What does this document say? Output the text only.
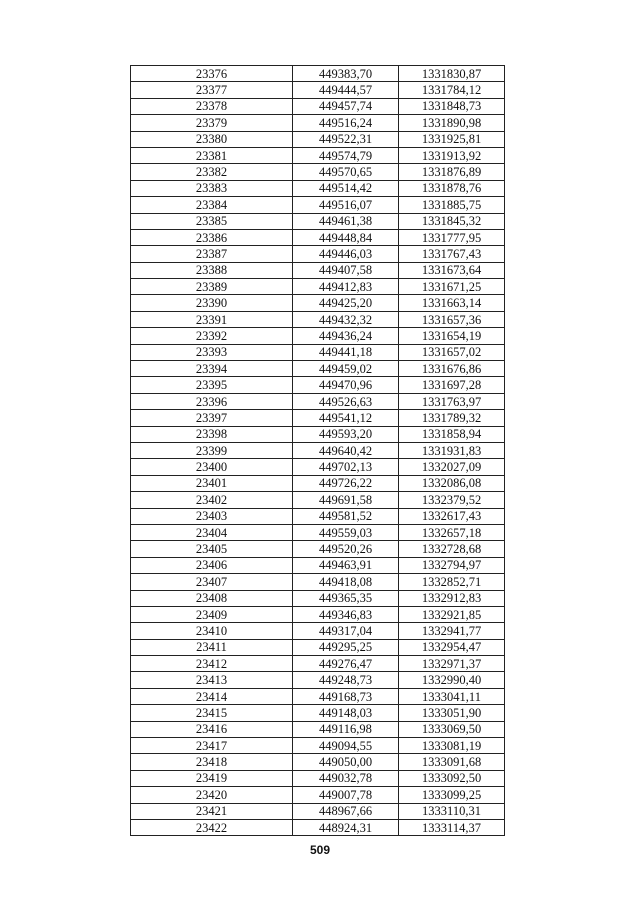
23376	449383,70	1331830,87
23377	449444,57	1331784,12
23378	449457,74	1331848,73
23379	449516,24	1331890,98
23380	449522,31	1331925,81
23381	449574,79	1331913,92
23382	449570,65	1331876,89
23383	449514,42	1331878,76
23384	449516,07	1331885,75
23385	449461,38	1331845,32
23386	449448,84	1331777,95
23387	449446,03	1331767,43
23388	449407,58	1331673,64
23389	449412,83	1331671,25
23390	449425,20	1331663,14
23391	449432,32	1331657,36
23392	449436,24	1331654,19
23393	449441,18	1331657,02
23394	449459,02	1331676,86
23395	449470,96	1331697,28
23396	449526,63	1331763,97
23397	449541,12	1331789,32
23398	449593,20	1331858,94
23399	449640,42	1331931,83
23400	449702,13	1332027,09
23401	449726,22	1332086,08
23402	449691,58	1332379,52
23403	449581,52	1332617,43
23404	449559,03	1332657,18
23405	449520,26	1332728,68
23406	449463,91	1332794,97
23407	449418,08	1332852,71
23408	449365,35	1332912,83
23409	449346,83	1332921,85
23410	449317,04	1332941,77
23411	449295,25	1332954,47
23412	449276,47	1332971,37
23413	449248,73	1332990,40
23414	449168,73	1333041,11
23415	449148,03	1333051,90
23416	449116,98	1333069,50
23417	449094,55	1333081,19
23418	449050,00	1333091,68
23419	449032,78	1333092,50
23420	449007,78	1333099,25
23421	448967,66	1333110,31
23422	448924,31	1333114,37
509
